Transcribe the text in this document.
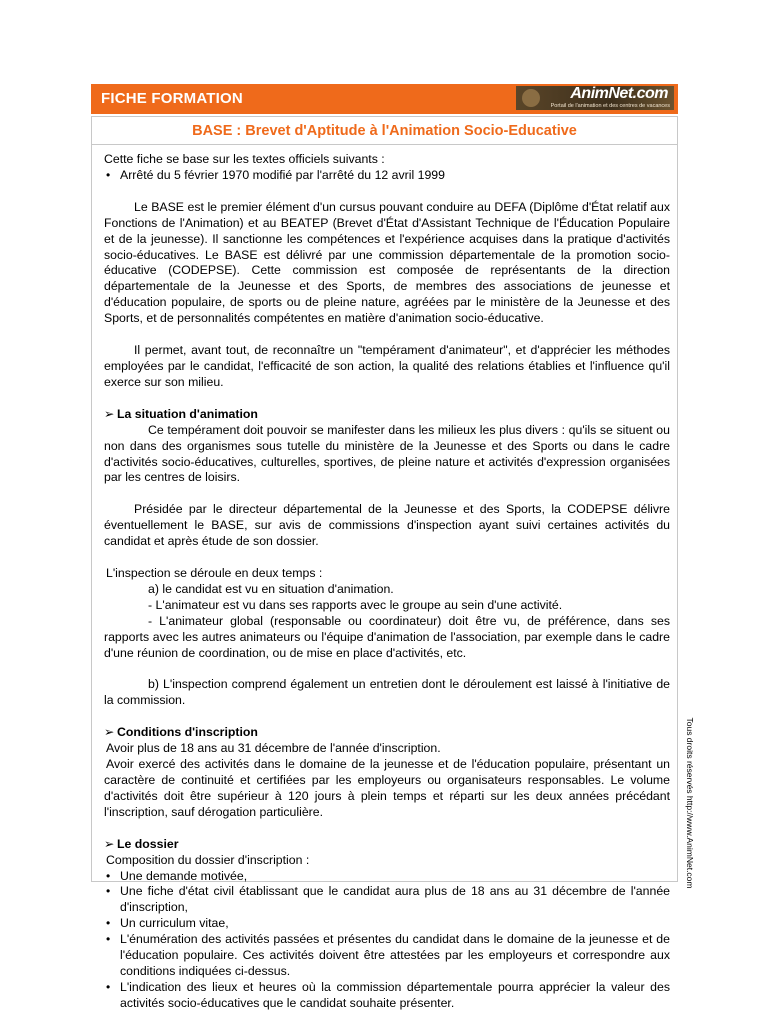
FICHE FORMATION	AnimNet.com
Portail de l'animation et des centres de vacances
BASE : Brevet d'Aptitude à l'Animation Socio-Educative

Cette fiche se base sur les textes officiels suivants :

• Arrêté du 5 février 1970 modifié par l'arrêté du 12 avril 1999

Le BASE est le premier élément d'un cursus pouvant conduire au DEFA (Diplôme d'État relatif aux Fonctions de l'Animation) et au BEATEP (Brevet d'État d'Assistant Technique de l'Éducation Populaire et de la jeunesse). Il sanctionne les compétences et l'expérience acquises dans la pratique d'activités socio-éducatives. Le BASE est délivré par une commission départementale de la promotion socio-éducative (CODEPSE). Cette commission est composée de représentants de la direction départementale de la Jeunesse et des Sports, de membres des associations de jeunesse et d'éducation populaire, de sports ou de pleine nature, agréées par le ministère de la Jeunesse et des Sports, et de personnalités compétentes en matière d'animation socio-éducative.

Il permet, avant tout, de reconnaître un "tempérament d'animateur", et d'apprécier les méthodes employées par le candidat, l'efficacité de son action, la qualité des relations établies et l'influence qu'il exerce sur son milieu.

➢ La situation d'animation

Ce tempérament doit pouvoir se manifester dans les milieux les plus divers : qu'ils se situent ou non dans des organismes sous tutelle du ministère de la Jeunesse et des Sports ou dans le cadre d'activités socio-éducatives, culturelles, sportives, de pleine nature et activités d'expression organisées par les centres de loisirs.

Présidée par le directeur départemental de la Jeunesse et des Sports, la CODEPSE délivre éventuellement le BASE, sur avis de commissions d'inspection ayant suivi certaines activités du candidat et après étude de son dossier.

L'inspection se déroule en deux temps :

a) le candidat est vu en situation d'animation.

- L'animateur est vu dans ses rapports avec le groupe au sein d'une activité.

- L'animateur global (responsable ou coordinateur) doit être vu, de préférence, dans ses rapports avec les autres animateurs ou l'équipe d'animation de l'association, par exemple dans le cadre d'une réunion de coordination, ou de mise en place d'activités, etc.

b) L'inspection comprend également un entretien dont le déroulement est laissé à l'initiative de la commission.

➢ Conditions d'inscription

Avoir plus de 18 ans au 31 décembre de l'année d'inscription.

Avoir exercé des activités dans le domaine de la jeunesse et de l'éducation populaire, présentant un caractère de continuité et certifiées par les employeurs ou organisateurs responsables. Le volume d'activités doit être supérieur à 120 jours à plein temps et réparti sur les deux années précédant l'inscription, sauf dérogation particulière.

➢ Le dossier

Composition du dossier d'inscription :

• Une demande motivée,

• Une fiche d'état civil établissant que le candidat aura plus de 18 ans au 31 décembre de l'année d'inscription,

• Un curriculum vitae,

• L'énumération des activités passées et présentes du candidat dans le domaine de la jeunesse et de l'éducation populaire. Ces activités doivent être attestées par les employeurs et correspondre aux conditions indiquées ci-dessus.

• L'indication des lieux et heures où la commission départementale pourra apprécier la valeur des activités socio-éducatives que le candidat souhaite présenter.

Tous droits réservés http://www.AnimNet.com
